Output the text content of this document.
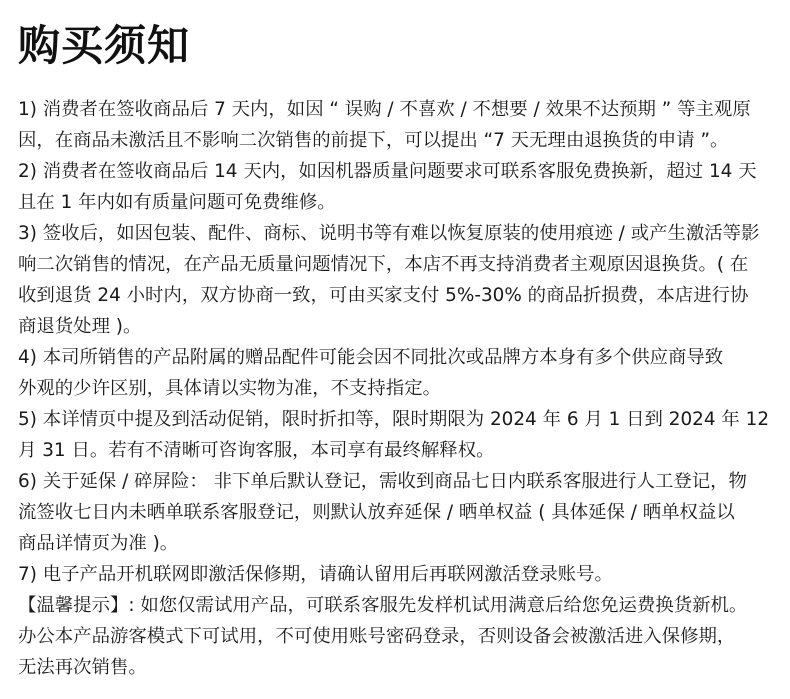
购买须知
1) 消费者在签收商品后 7 天内，如因 “ 误购 / 不喜欢 / 不想要 / 效果不达预期 ” 等主观原
因，在商品未激活且不影响二次销售的前提下，可以提出 “7 天无理由退换货的申请 ”。
2) 消费者在签收商品后 14 天内，如因机器质量问题要求可联系客服免费换新，超过 14 天
且在 1 年内如有质量问题可免费维修。
3) 签收后，如因包装、配件、商标、说明书等有难以恢复原装的使用痕迹 / 或产生激活等影
响二次销售的情况，在产品无质量问题情况下，本店不再支持消费者主观原因退换货。( 在
收到退货 24 小时内，双方协商一致，可由买家支付 5%-30% 的商品折损费，本店进行协
商退货处理 )。
4) 本司所销售的产品附属的赠品配件可能会因不同批次或品牌方本身有多个供应商导致
外观的少许区别，具体请以实物为准，不支持指定。
5) 本详情页中提及到活动促销，限时折扣等，限时期限为 2024 年 6 月 1 日到 2024 年 12
月 31 日。若有不清晰可咨询客服，本司享有最终解释权。
6) 关于延保 / 碎屏险： 非下单后默认登记，需收到商品七日内联系客服进行人工登记，物
流签收七日内未晒单联系客服登记，则默认放弃延保 / 晒单权益 ( 具体延保 / 晒单权益以
商品详情页为准 )。
7) 电子产品开机联网即激活保修期，请确认留用后再联网激活登录账号。
【温馨提示】: 如您仅需试用产品，可联系客服先发样机试用满意后给您免运费换货新机。
办公本产品游客模式下可试用，不可使用账号密码登录，否则设备会被激活进入保修期，
无法再次销售。
